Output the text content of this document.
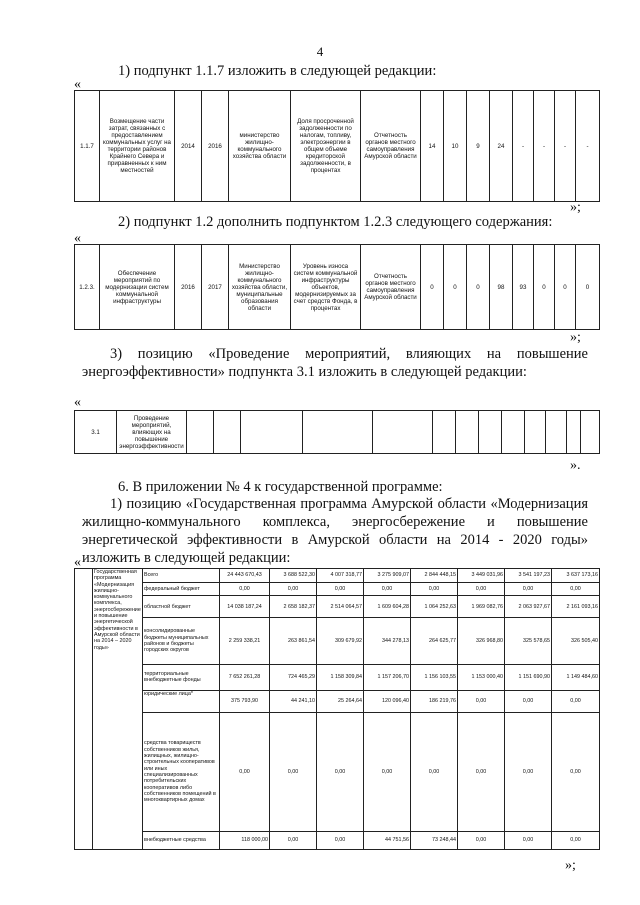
4
1) подпункт 1.1.7 изложить в следующей редакции:
«
1.1.7	Возмещение части затрат, связанных с предоставлением коммунальных услуг на территории районов Крайнего Севера и приравненных к ним местностей	2014	2016	министерство жилищно-коммунального хозяйства области	Доля просроченной задолженности по налогам, топливу, электроэнергии в общем объеме кредиторской задолженности, в процентах	Отчетность органов местного самоуправления Амурской области	14	10	9	24	-	-	-	-
»;
2) подпункт 1.2 дополнить подпунктом 1.2.3 следующего содержания:
«
1.2.3.	Обеспечение мероприятий по модернизации систем коммунальной инфраструктуры	2016	2017	Министерство жилищно-коммунального хозяйства области, муниципальные образования области	Уровень износа систем коммунальной инфраструктуры объектов, модернизируемых за счет средств Фонда, в процентах	Отчетность органов местного самоуправления Амурской области	0	0	0	98	93	0	0	0
»;
3) позицию «Проведение мероприятий, влияющих на повышение энергоэффективности» подпункта 3.1 изложить в следующей редакции:
«
3.1	Проведение мероприятий, влияющих на повышение энергоэффективности													
».
6. В приложении № 4 к государственной программе:
1) позицию «Государственная программа Амурской области «Модернизация жилищно-коммунального комплекса, энергосбережение и повышение энергетической эффективности в Амурской области на 2014 - 2020 годы» изложить в следующей редакции:
«
	Государственная программа «Модернизация жилищно-коммунального комплекса, энергосбережение и повышение энергетической эффективности в Амурской области на 2014 – 2020 годы»	Всего	24 443 670,43	3 688 522,30	4 007 318,77	3 275 909,07	2 844 448,15	3 449 031,96	3 541 197,23	3 637 173,16
		федеральный бюджет	0,00	0,00	0,00	0,00	0,00	0,00	0,00	0,00
		областной бюджет	14 038 187,24	2 658 182,37	2 514 064,57	1 609 604,28	1 064 252,63	1 969 082,76	2 063 927,67	2 161 093,16
		консолидированные бюджеты муниципальных районов и бюджеты городских округов	2 259 338,21	263 861,54	309 679,92	344 278,13	264 625,77	326 968,80	325 578,65	326 505,40
		территориальные внебюджетные фонды	7 652 261,28	724 465,29	1 158 309,84	1 157 206,70	1 156 103,55	1 153 000,40	1 151 690,90	1 149 484,60
		юридические лица*	375 793,90	44 241,10	25 264,64	120 096,40	186 219,76	0,00	0,00	0,00
		средства товариществ собственников жилья, жилищных, жилищно-строительных кооперативов или иных специализированных потребительских кооперативов либо собственников помещений в многоквартирных домах	0,00	0,00	0,00	0,00	0,00	0,00	0,00	0,00
		внебюджетные средства	118 000,00	0,00	0,00	44 751,56	73 248,44	0,00	0,00	0,00
»;
